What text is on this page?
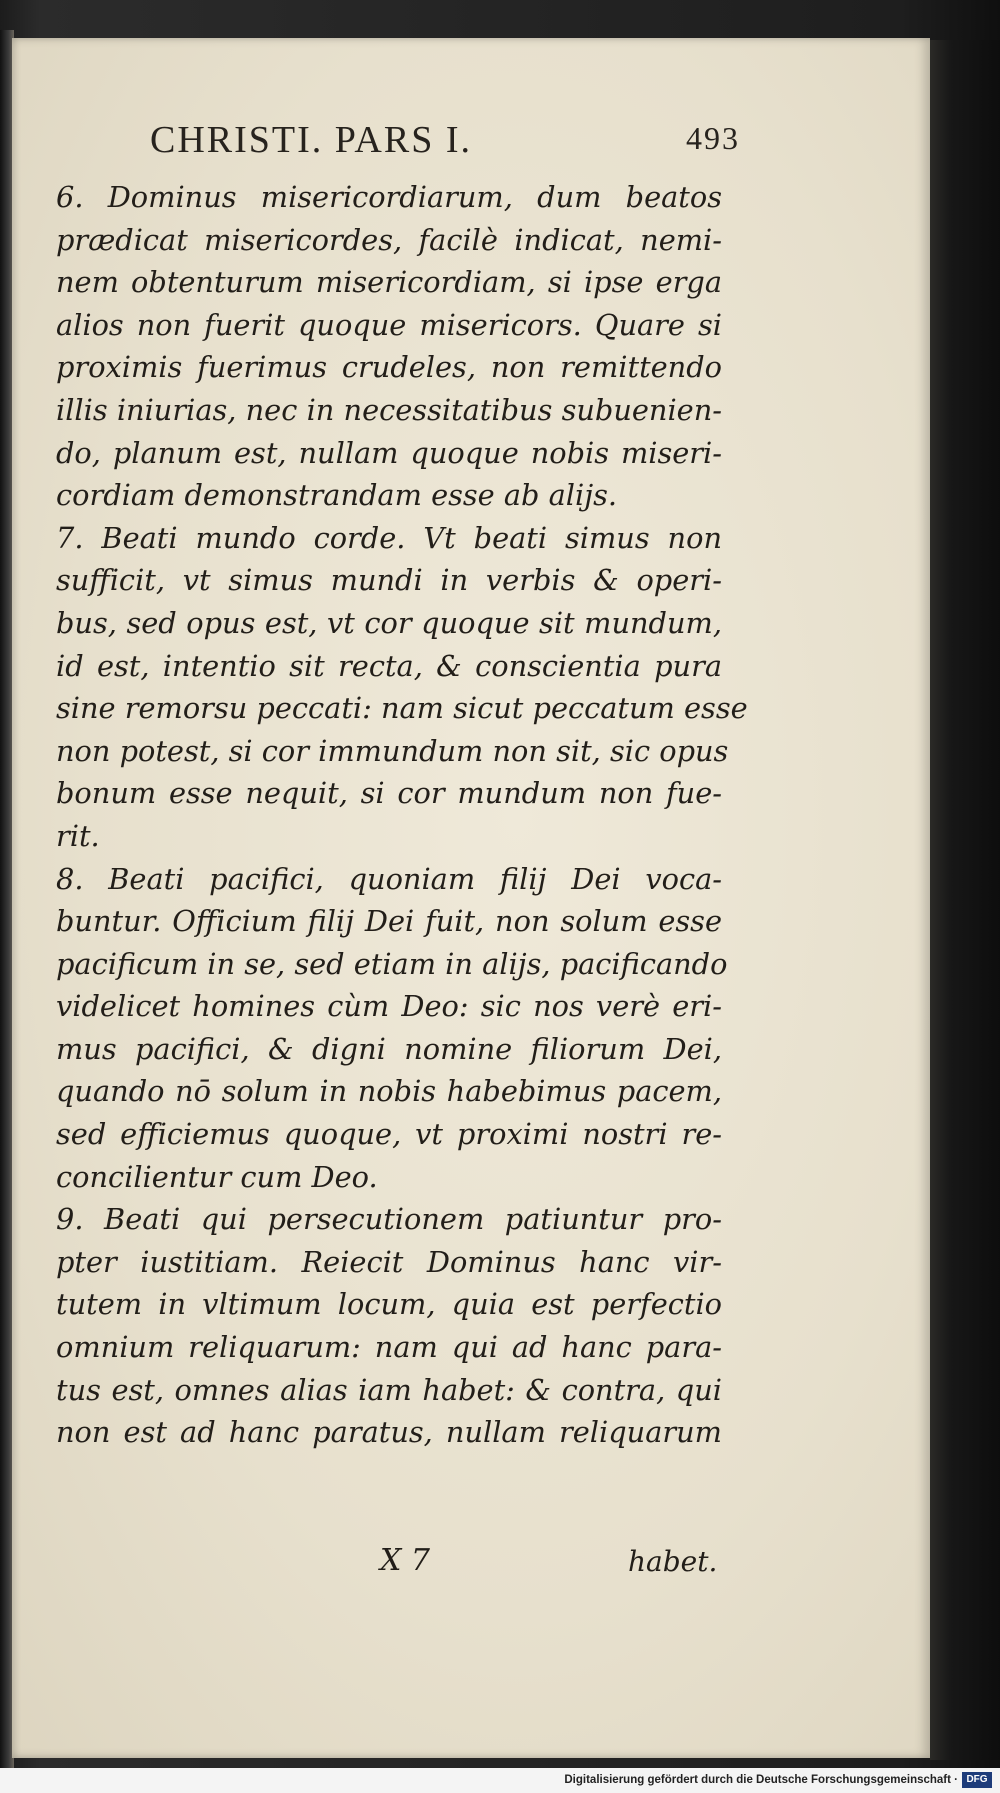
CHRISTI. PARS I.	493
6. Dominus misericordiarum, dum beatos
prædicat misericordes, facilè indicat, nemi-
nem obtenturum misericordiam, si ipse erga
alios non fuerit quoque misericors. Quare si
proximis fuerimus crudeles, non remittendo
illis iniurias, nec in necessitatibus subuenien-
do, planum est, nullam quoque nobis miseri-
cordiam demonstrandam esse ab alijs.
7. Beati mundo corde. Vt beati simus non
sufficit, vt simus mundi in verbis & operi-
bus, sed opus est, vt cor quoque sit mundum,
id est, intentio sit recta, & conscientia pura
sine remorsu peccati: nam sicut peccatum esse
non potest, si cor immundum non sit, sic opus
bonum esse nequit, si cor mundum non fue-
rit.
8. Beati pacifici, quoniam filij Dei voca-
buntur. Officium filij Dei fuit, non solum esse
pacificum in se, sed etiam in alijs, pacificando
videlicet homines cùm Deo: sic nos verè eri-
mus pacifici, & digni nomine filiorum Dei,
quando nō solum in nobis habebimus pacem,
sed efficiemus quoque, vt proximi nostri re-
concilientur cum Deo.
9. Beati qui persecutionem patiuntur pro-
pter iustitiam. Reiecit Dominus hanc vir-
tutem in vltimum locum, quia est perfectio
omnium reliquarum: nam qui ad hanc para-
tus est, omnes alias iam habet: & contra, qui
non est ad hanc paratus, nullam reliquarum
X 7	habet.
Digitalisierung gefördert durch die Deutsche Forschungsgemeinschaft · DFG
